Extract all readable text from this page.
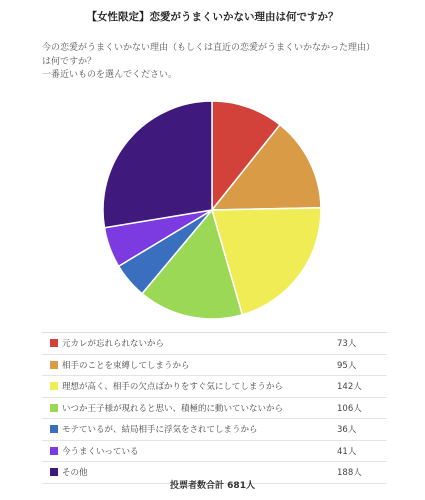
【女性限定】恋愛がうまくいかない理由は何ですか？
今の恋愛がうまくいかない理由（もしくは直近の恋愛がうまくいかなかった理由）
は何ですか？
一番近いものを選んでください。
元カレが忘れられないから	73人
相手のことを束縛してしまうから	95人
理想が高く、相手の欠点ばかりをすぐ気にしてしまうから	142人
いつか王子様が現れると思い、積極的に動いていないから	106人
モテているが、結局相手に浮気をされてしまうから	36人
今うまくいっている	41人
その他	188人
投票者数合計 681人
